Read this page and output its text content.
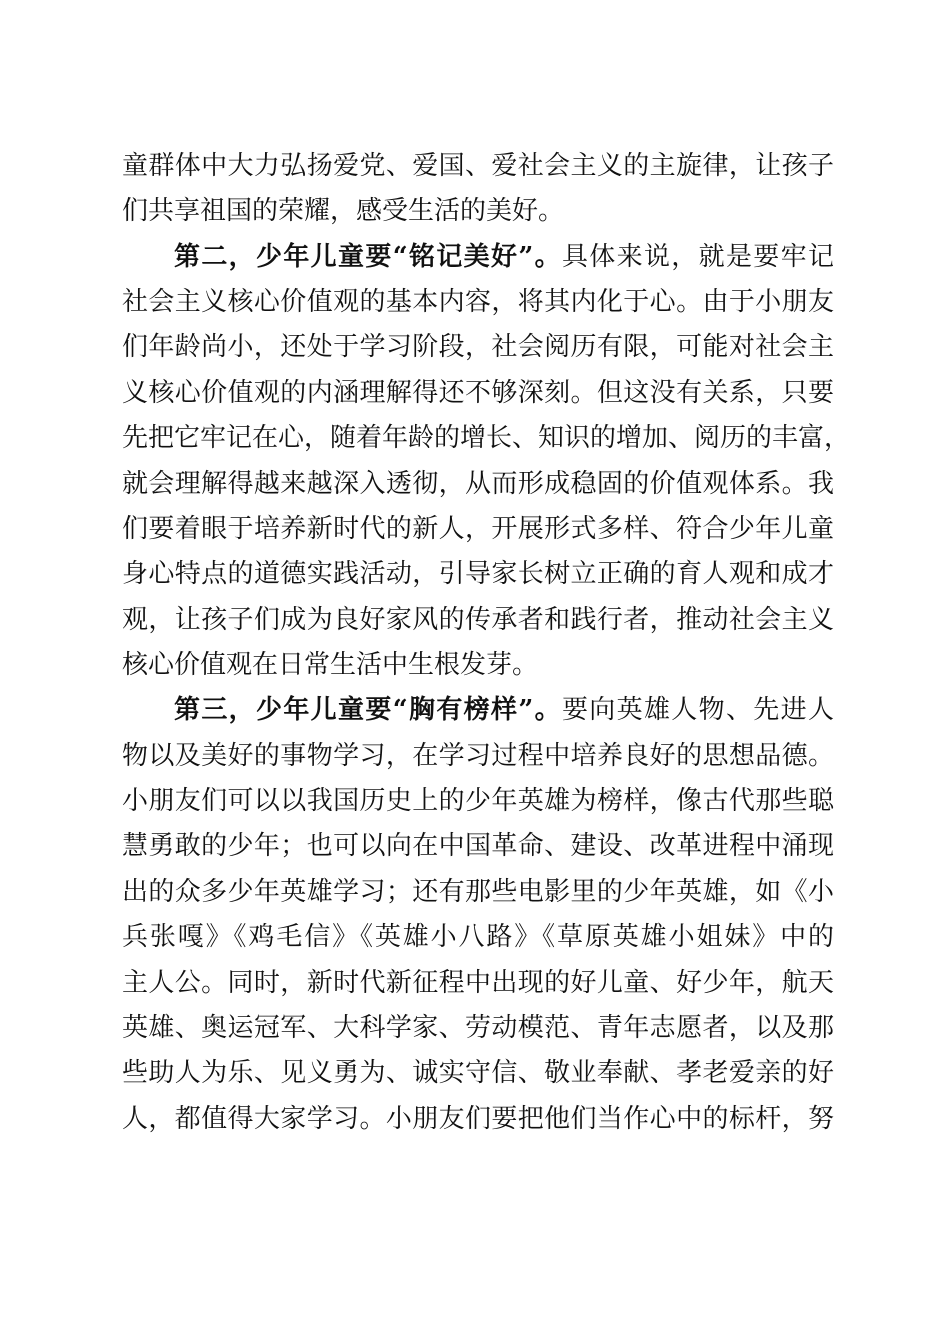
童群体中大力弘扬爱党、爱国、爱社会主义的主旋律，让孩子
们共享祖国的荣耀，感受生活的美好。
第二，少年儿童要“铭记美好”。具体来说，就是要牢记
社会主义核心价值观的基本内容，将其内化于心。由于小朋友
们年龄尚小，还处于学习阶段，社会阅历有限，可能对社会主
义核心价值观的内涵理解得还不够深刻。但这没有关系，只要
先把它牢记在心，随着年龄的增长、知识的增加、阅历的丰富，
就会理解得越来越深入透彻，从而形成稳固的价值观体系。我
们要着眼于培养新时代的新人，开展形式多样、符合少年儿童
身心特点的道德实践活动，引导家长树立正确的育人观和成才
观，让孩子们成为良好家风的传承者和践行者，推动社会主义
核心价值观在日常生活中生根发芽。
第三，少年儿童要“胸有榜样”。要向英雄人物、先进人
物以及美好的事物学习，在学习过程中培养良好的思想品德。
小朋友们可以以我国历史上的少年英雄为榜样，像古代那些聪
慧勇敢的少年；也可以向在中国革命、建设、改革进程中涌现
出的众多少年英雄学习；还有那些电影里的少年英雄，如《小
兵张嘎》《鸡毛信》《英雄小八路》《草原英雄小姐妹》中的
主人公。同时，新时代新征程中出现的好儿童、好少年，航天
英雄、奥运冠军、大科学家、劳动模范、青年志愿者，以及那
些助人为乐、见义勇为、诚实守信、敬业奉献、孝老爱亲的好
人，都值得大家学习。小朋友们要把他们当作心中的标杆，努
